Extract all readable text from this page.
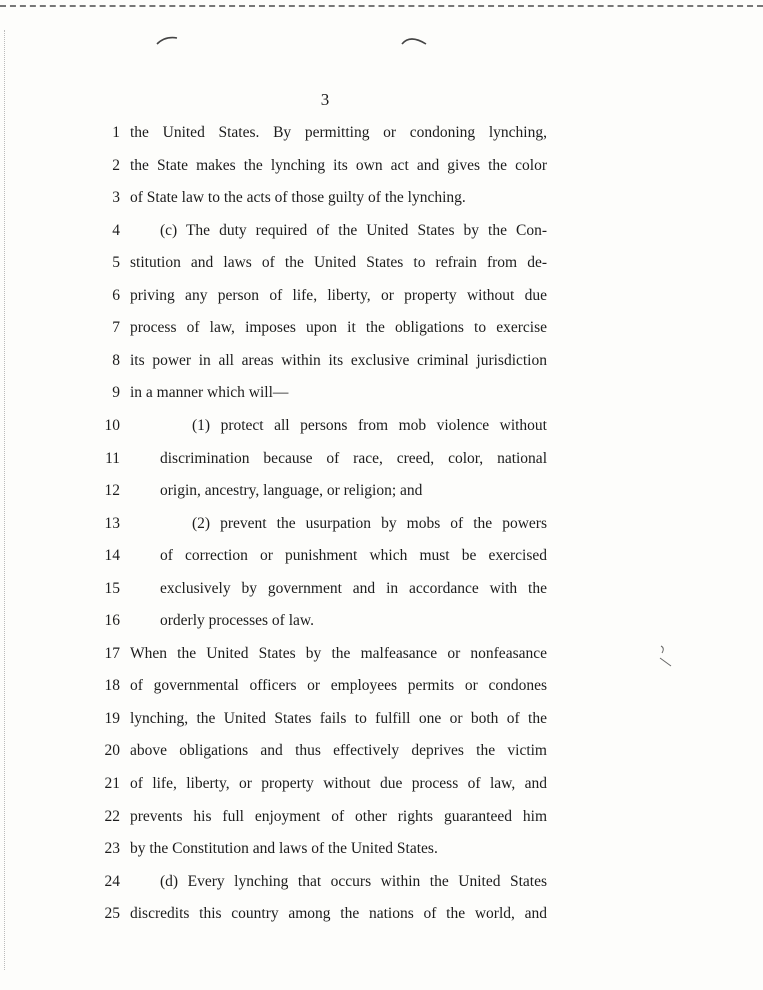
3
1 the United States. By permitting or condoning lynching,
2 the State makes the lynching its own act and gives the color
3 of State law to the acts of those guilty of the lynching.
4	(c) The duty required of the United States by the Con-
5 stitution and laws of the United States to refrain from de-
6 priving any person of life, liberty, or property without due
7 process of law, imposes upon it the obligations to exercise
8 its power in all areas within its exclusive criminal jurisdiction
9 in a manner which will—
10	(1) protect all persons from mob violence without
11	discrimination because of race, creed, color, national
12	origin, ancestry, language, or religion; and
13	(2) prevent the usurpation by mobs of the powers
14	of correction or punishment which must be exercised
15	exclusively by government and in accordance with the
16	orderly processes of law.
17 When the United States by the malfeasance or nonfeasance
18 of governmental officers or employees permits or condones
19 lynching, the United States fails to fulfill one or both of the
20 above obligations and thus effectively deprives the victim
21 of life, liberty, or property without due process of law, and
22 prevents his full enjoyment of other rights guaranteed him
23 by the Constitution and laws of the United States.
24	(d) Every lynching that occurs within the United States
25 discredits this country among the nations of the world, and
